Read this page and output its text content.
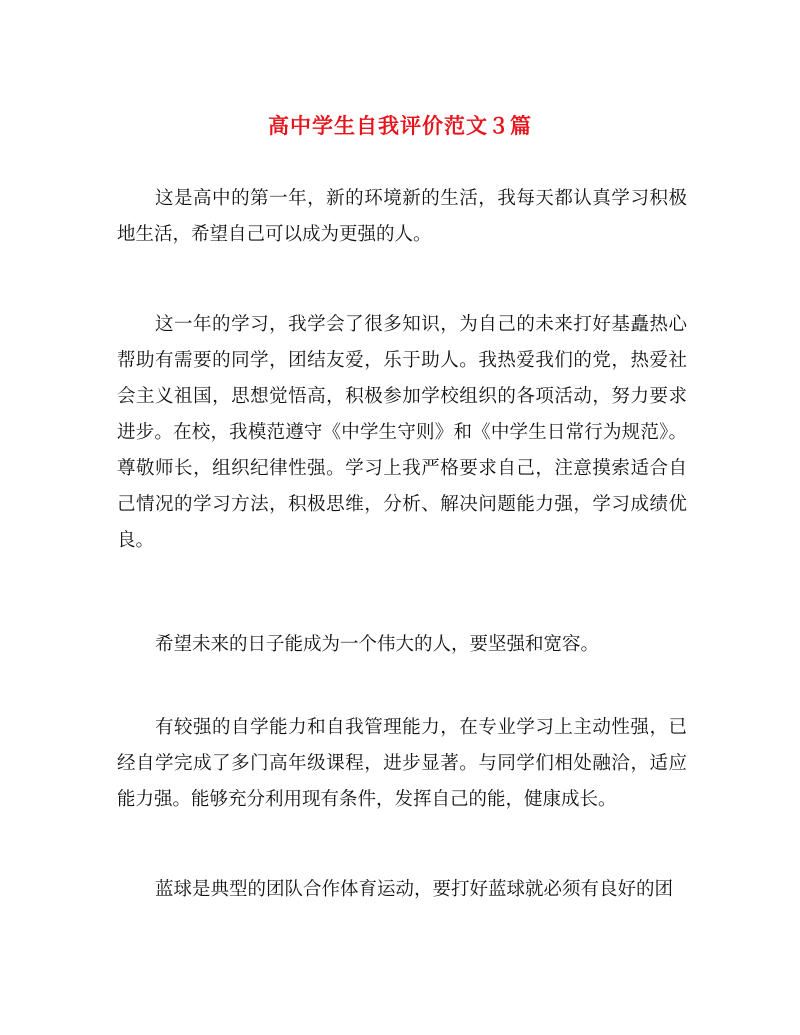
高中学生自我评价范文３篇

这是高中的第一年，新的环境新的生活，我每天都认真学习积极地生活，希望自己可以成为更强的人。

这一年的学习，我学会了很多知识，为自己的未来打好基矗热心帮助有需要的同学，团结友爱，乐于助人。我热爱我们的党，热爱社会主义祖国，思想觉悟高，积极参加学校组织的各项活动，努力要求进步。在校，我模范遵守《中学生守则》和《中学生日常行为规范》。尊敬师长，组织纪律性强。学习上我严格要求自己，注意摸索适合自己情况的学习方法，积极思维，分析、解决问题能力强，学习成绩优良。

希望未来的日子能成为一个伟大的人，要坚强和宽容。

有较强的自学能力和自我管理能力，在专业学习上主动性强，已经自学完成了多门高年级课程，进步显著。与同学们相处融洽，适应能力强。能够充分利用现有条件，发挥自己的能，健康成长。

蓝球是典型的团队合作体育运动，要打好蓝球就必须有良好的团
